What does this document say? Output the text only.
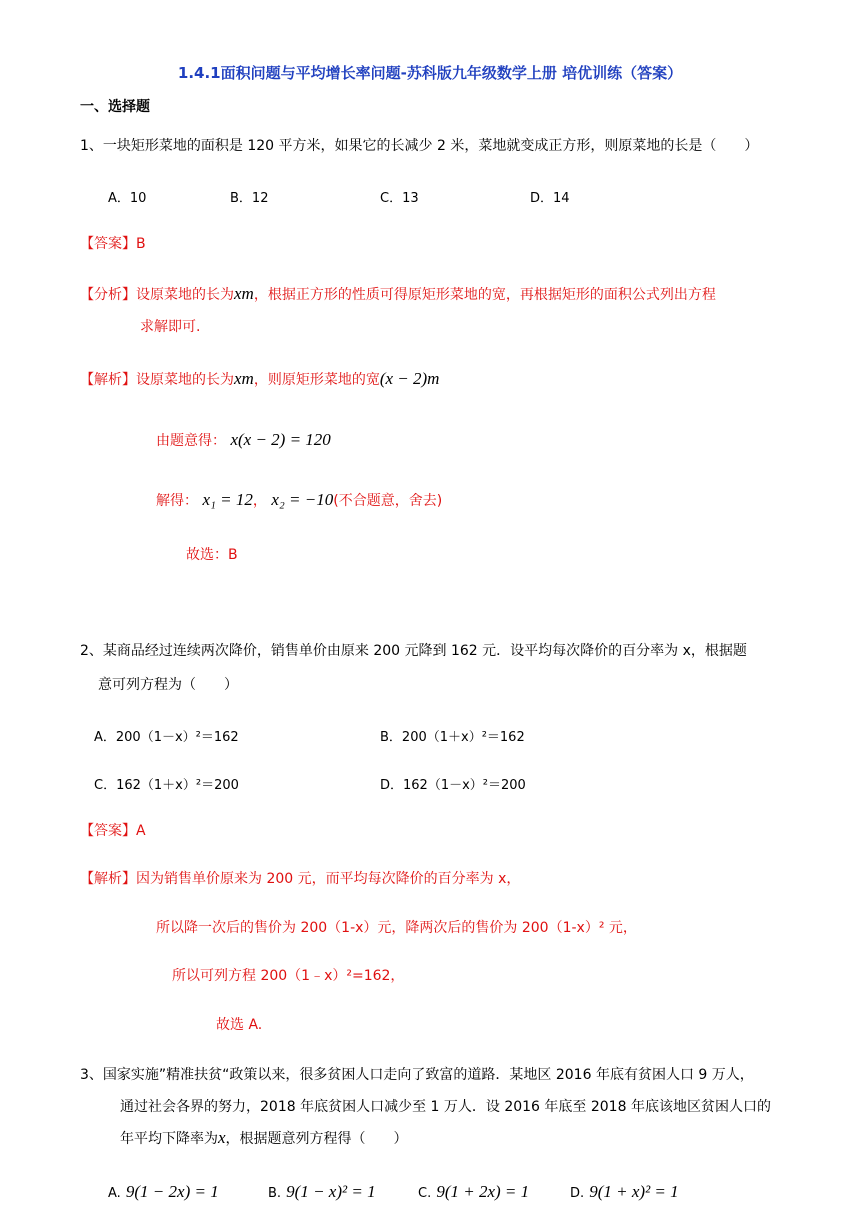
1.4.1面积问题与平均增长率问题-苏科版九年级数学上册 培优训练（答案）
一、选择题
1、一块矩形菜地的面积是 120 平方米，如果它的长减少 2 米，菜地就变成正方形，则原菜地的长是（　　）
A．10	B．12	C．13	D．14
【答案】B
【分析】设原菜地的长为xm，根据正方形的性质可得原矩形菜地的宽，再根据矩形的面积公式列出方程
求解即可.
【解析】设原菜地的长为xm，则原矩形菜地的宽(x − 2)m
由题意得： x(x − 2) = 120
解得： x₁ = 12， x₂ = −10(不合题意，舍去)
故选：B
2、某商品经过连续两次降价，销售单价由原来 200 元降到 162 元．设平均每次降价的百分率为 x，根据题
意可列方程为（　　）
A．200（1－x）²＝162	B．200（1＋x）²＝162
C．162（1＋x）²＝200	D．162（1－x）²＝200
【答案】A
【解析】因为销售单价原来为 200 元，而平均每次降价的百分率为 x，
所以降一次后的售价为 200（1-x）元，降两次后的售价为 200（1-x）² 元，
所以可列方程 200（1﹣x）²=162，
故选 A.
3、国家实施”精准扶贫“政策以来，很多贫困人口走向了致富的道路．某地区 2016 年底有贫困人口 9 万人，
通过社会各界的努力，2018 年底贫困人口减少至 1 万人．设 2016 年底至 2018 年底该地区贫困人口的
年平均下降率为x，根据题意列方程得（　　）
A. 9(1 − 2x) = 1	B. 9(1 − x)² = 1	C. 9(1 + 2x) = 1	D. 9(1 + x)² = 1
